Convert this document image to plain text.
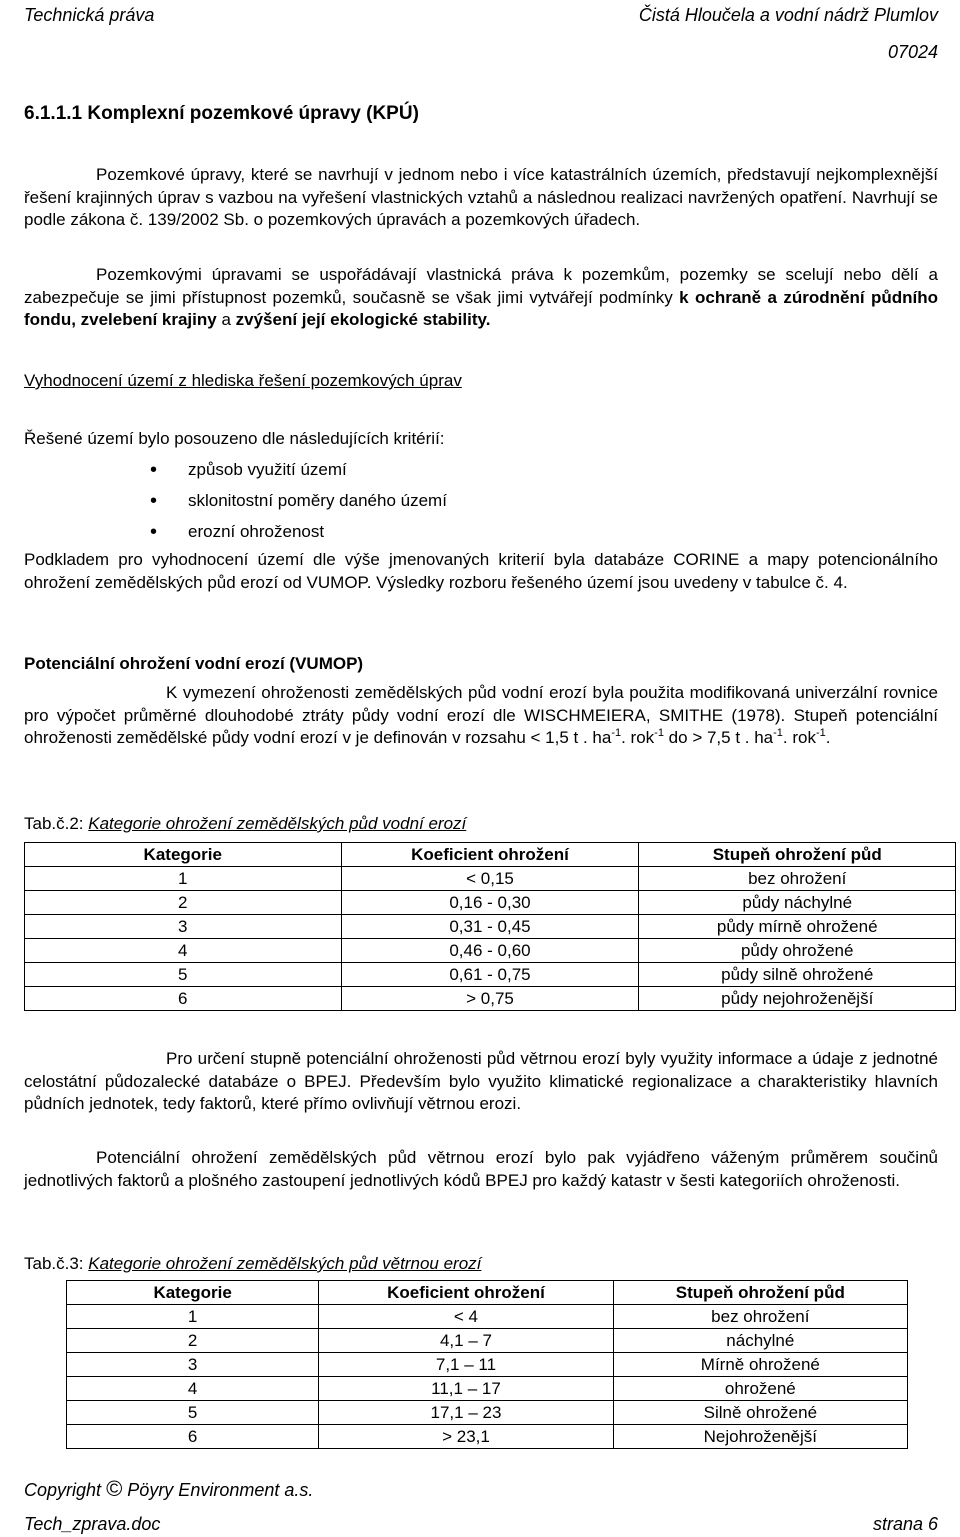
Technická práva	Čistá Hloučela a vodní nádrž Plumlov
07024
6.1.1.1 Komplexní pozemkové úpravy (KPÚ)

Pozemkové úpravy, které se navrhují v jednom nebo i více katastrálních územích, představují nejkomplexnější řešení krajinných úprav s vazbou na vyřešení vlastnických vztahů a následnou realizaci navržených opatření. Navrhují se podle zákona č. 139/2002 Sb. o pozemkových úpravách a pozemkových úřadech.

Pozemkovými úpravami se uspořádávají vlastnická práva k pozemkům, pozemky se scelují nebo dělí a zabezpečuje se jimi přístupnost pozemků, současně se však jimi vytvářejí podmínky k ochraně a zúrodnění půdního fondu, zvelebení krajiny a zvýšení její ekologické stability.

Vyhodnocení území z hlediska řešení pozemkových úprav
Řešené území bylo posouzeno dle následujících kritérií:
• způsob využití území
• sklonitostní poměry daného území
• erozní ohroženost

Podkladem pro vyhodnocení území dle výše jmenovaných kriterií byla databáze CORINE a mapy potencionálního ohrožení zemědělských půd erozí od VUMOP. Výsledky rozboru řešeného území jsou uvedeny v tabulce č. 4.

Potenciální ohrožení vodní erozí (VUMOP)

K vymezení ohroženosti zemědělských půd vodní erozí byla použita modifikovaná univerzální rovnice pro výpočet průměrné dlouhodobé ztráty půdy vodní erozí dle WISCHMEIERA, SMITHE (1978). Stupeň potenciální ohroženosti zemědělské půdy vodní erozí v je definován v rozsahu < 1,5 t . $ha^{-1}$. rok$^{-1}$ do > 7,5 t . $ha^{-1}$. rok$^{-1}$.

Tab.č.2: Kategorie ohrožení zemědělských půd vodní erozí
Kategorie	Koeficient ohrožení	Stupeň ohrožení půd
1	< 0,15	bez ohrožení
2	0,16 - 0,30	půdy náchylné
3	0,31 - 0,45	půdy mírně ohrožené
4	0,46 - 0,60	půdy ohrožené
5	0,61 - 0,75	půdy silně ohrožené
6	> 0,75	půdy nejohroženější

Pro určení stupně potenciální ohroženosti půd větrnou erozí byly využity informace a údaje z jednotné celostátní půdozalecké databáze o BPEJ. Především bylo využito klimatické regionalizace a charakteristiky hlavních půdních jednotek, tedy faktorů, které přímo ovlivňují větrnou erozi.

Potenciální ohrožení zemědělských půd větrnou erozí bylo pak vyjádřeno váženým průměrem součinů jednotlivých faktorů a plošného zastoupení jednotlivých kódů BPEJ pro každý katastr v šesti kategoriích ohroženosti.

Tab.č.3: Kategorie ohrožení zemědělských půd větrnou erozí
Kategorie	Koeficient ohrožení	Stupeň ohrožení půd
1	< 4	bez ohrožení
2	4,1 – 7	náchylné
3	7,1 – 11	Mírně ohrožené
4	11,1 – 17	ohrožené
5	17,1 – 23	Silně ohrožené
6	> 23,1	Nejohroženější
Copyright © Pöyry Environment a.s.
Tech_zprava.doc	strana 6
